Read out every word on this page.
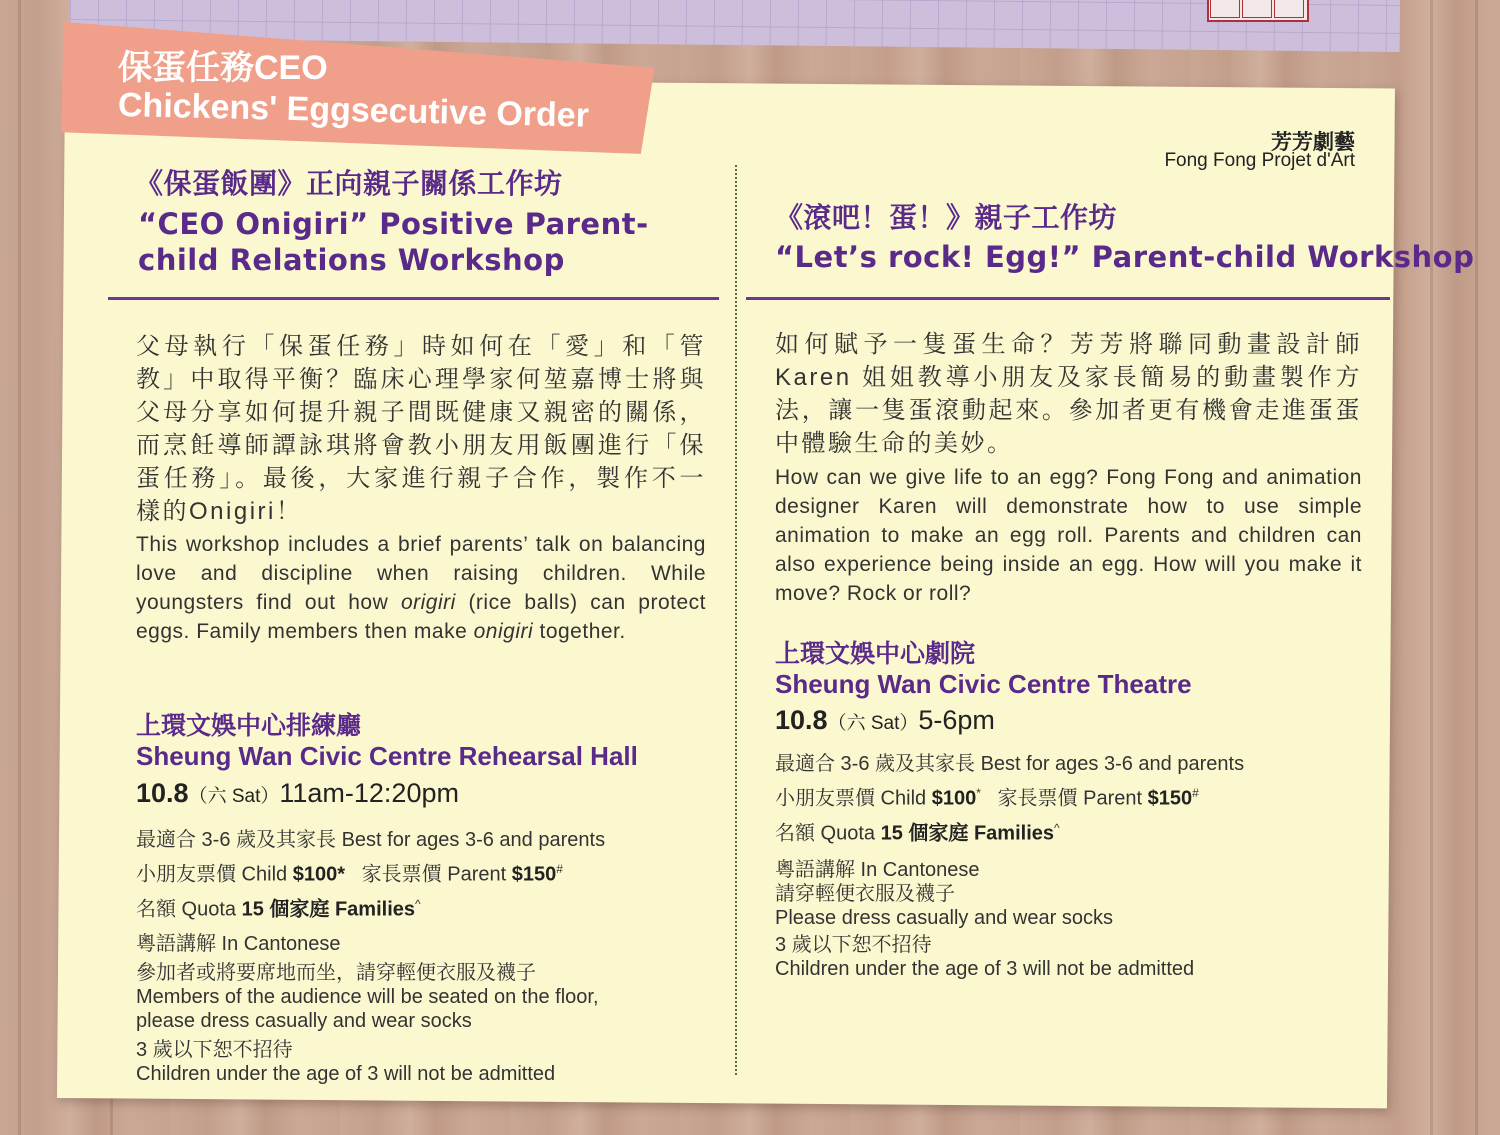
保蛋任務CEO
Chickens' Eggsecutive Order
芳芳劇藝
Fong Fong Projet d'Art
《保蛋飯團》正向親子關係工作坊
“CEO Onigiri” Positive Parent-child Relations Workshop
父母執行「保蛋任務」時如何在「愛」和「管教」中取得平衡？臨床心理學家何堃嘉博士將與父母分享如何提升親子間既健康又親密的關係，而烹飪導師譚詠琪將會教小朋友用飯團進行「保蛋任務」。最後，大家進行親子合作，製作不一樣的Onigiri！
This workshop includes a brief parents’ talk on balancing love and discipline when raising children. While youngsters find out how origiri (rice balls) can protect eggs. Family members then make onigiri together.
上環文娛中心排練廳
Sheung Wan Civic Centre Rehearsal Hall
10.8（六 Sat）11am-12:20pm
最適合 3-6 歲及其家長 Best for ages 3-6 and parents
小朋友票價 Child $100* 家長票價 Parent $150#
名額 Quota 15 個家庭 Families^
粵語講解 In Cantonese
參加者或將要席地而坐，請穿輕便衣服及襪子
Members of the audience will be seated on the floor,
please dress casually and wear socks
3 歲以下恕不招待
Children under the age of 3 will not be admitted
《滾吧！蛋！》親子工作坊
“Let’s rock! Egg!” Parent-child Workshop
如何賦予一隻蛋生命？芳芳將聯同動畫設計師 Karen 姐姐教導小朋友及家長簡易的動畫製作方法，讓一隻蛋滾動起來。參加者更有機會走進蛋蛋中體驗生命的美妙。
How can we give life to an egg? Fong Fong and animation designer Karen will demonstrate how to use simple animation to make an egg roll. Parents and children can also experience being inside an egg. How will you make it move? Rock or roll?
上環文娛中心劇院
Sheung Wan Civic Centre Theatre
10.8（六 Sat）5-6pm
最適合 3-6 歲及其家長 Best for ages 3-6 and parents
小朋友票價 Child $100* 家長票價 Parent $150#
名額 Quota 15 個家庭 Families^
粵語講解 In Cantonese
請穿輕便衣服及襪子
Please dress casually and wear socks
3 歲以下恕不招待
Children under the age of 3 will not be admitted
